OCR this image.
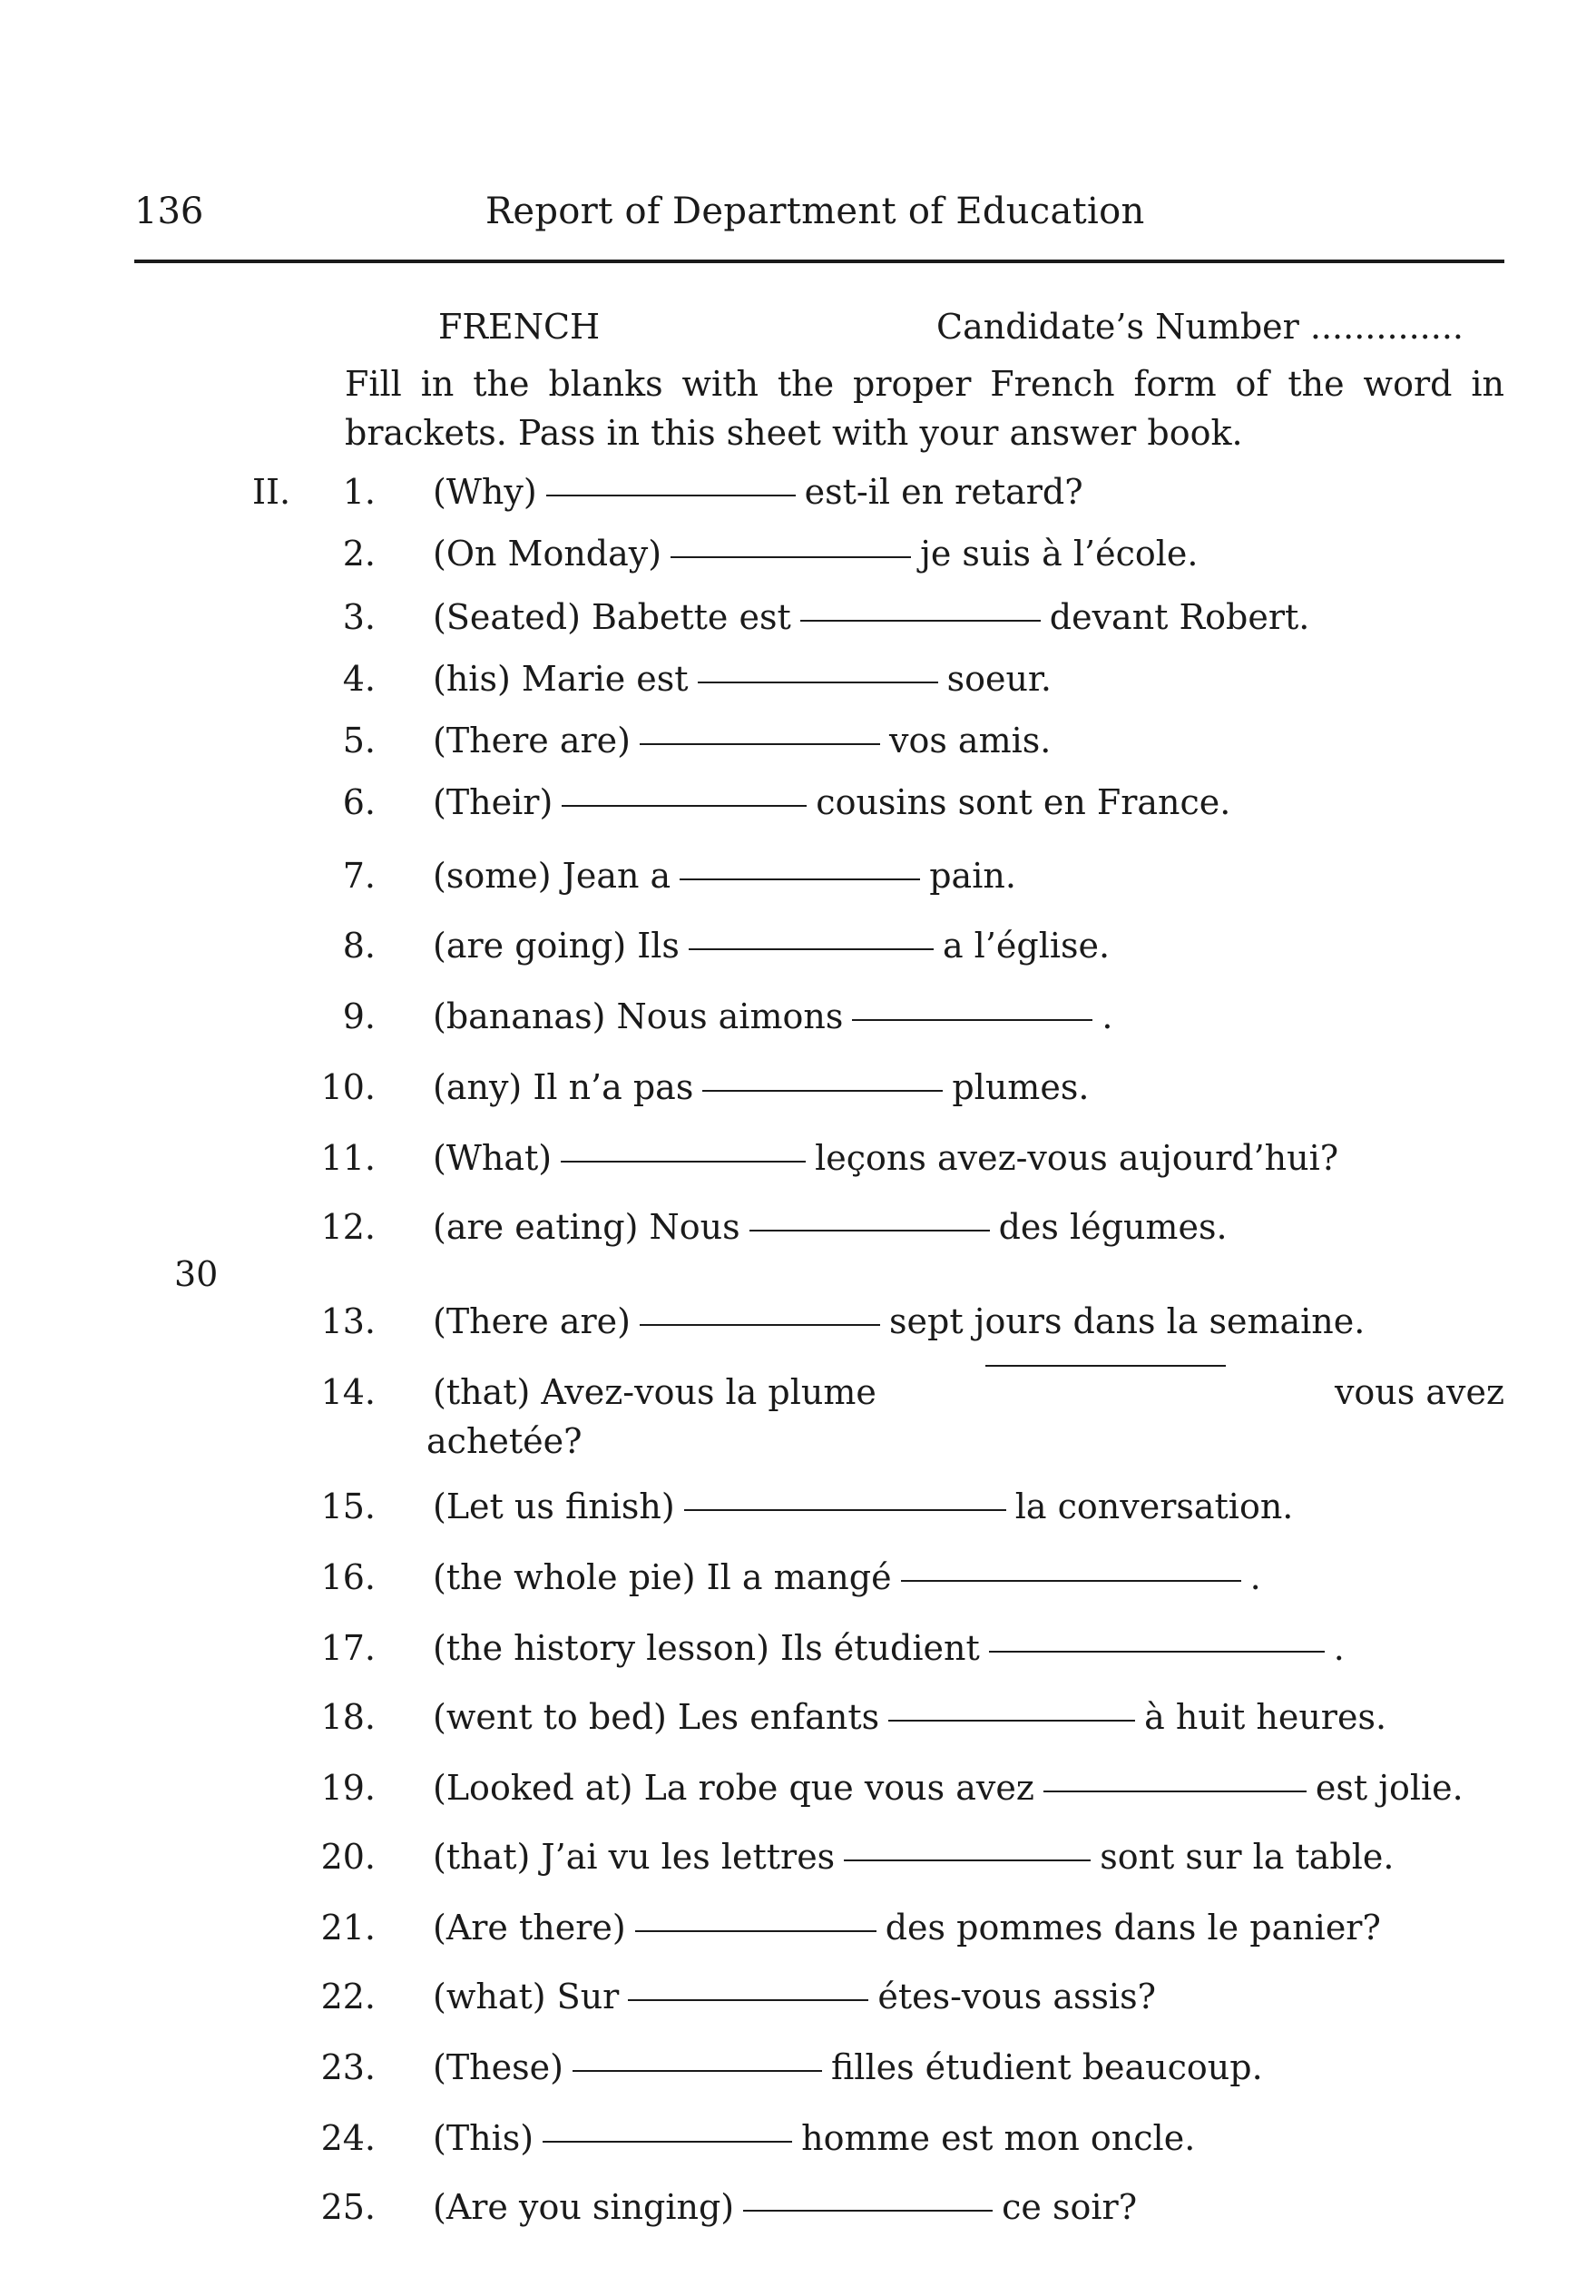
136	Report of Department of Education
FRENCH	Candidate’s Number ..............
Fill in the blanks with the proper French form of the word in brackets. Pass in this sheet with your answer book.
II.
30
1. (Why)	est-il en retard?
2. (On Monday)	je suis à l’école.
3. (Seated) Babette est	devant Robert.
4. (his) Marie est	soeur.
5. (There are)	vos amis.
6. (Their)	cousins sont en France.
7. (some) Jean a	pain.
8. (are going) Ils	a l’église.
9. (bananas) Nous aimons	.
10. (any) Il n’a pas	plumes.
11. (What)	leçons avez-vous aujourd’hui?
12. (are eating) Nous	des légumes.
13. (There are)	sept jours dans la semaine.
14. (that) Avez-vous la plume	vous avez
achetée?
15. (Let us finish)	la conversation.
16. (the whole pie) Il a mangé	.
17. (the history lesson) Ils étudient	.
18. (went to bed) Les enfants	à huit heures.
19. (Looked at) La robe que vous avez	est jolie.
20. (that) J’ai vu les lettres	sont sur la table.
21. (Are there)	des pommes dans le panier?
22. (what) Sur	étes-vous assis?
23. (These)	filles étudient beaucoup.
24. (This)	homme est mon oncle.
25. (Are you singing)	ce soir?
